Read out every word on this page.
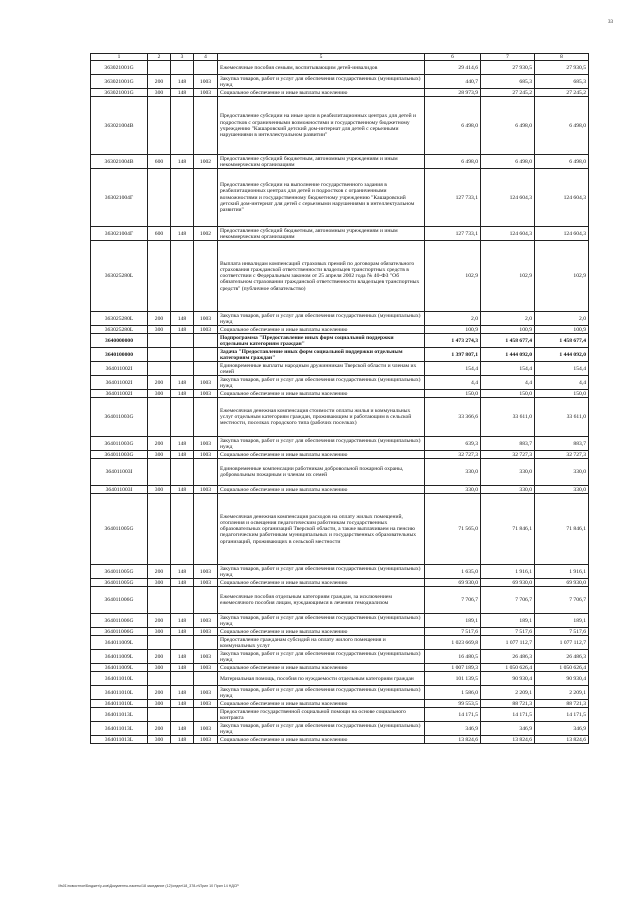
33
1	2	3	4	5	6	7	8
363021001G				Ежемесячные пособия семьям, воспитывающим детей-инвалидов	29 414,6	27 930,5	27 930,5
363021001G	200	148	1003	Закупка товаров, работ и услуг для обеспечения государственных (муниципальных) нужд	440,7	685,3	685,3
363021001G	300	148	1003	Социальное обеспечение и иные выплаты населению	28 973,9	27 245,2	27 245,2
363021004В				Предоставление субсидии на иные цели в реабилитационных центрах для детей и подростков с ограниченными возможностями и государственному бюджетному учреждению "Кашаровский детский дом-интернат для детей с серьезными нарушениями в интеллектуальном развитии"	6 498,0	6 498,0	6 498,0
363021004В	600	148	1002	Предоставление субсидий бюджетным, автономным учреждениям и иным некоммерческим организациям	6 498,0	6 498,0	6 498,0
363021004Г				Предоставление субсидии на выполнение государственного задания в реабилитационных центрах для детей и подростков с ограниченными возможностями и государственному бюджетному учреждению "Кашаровский детский дом-интернат для детей с серьезными нарушениями в интеллектуальном развитии"	127 733,1	124 604,3	124 604,3
363021004Г	600	148	1002	Предоставление субсидий бюджетным, автономным учреждениям и иным некоммерческим организациям	127 733,1	124 604,3	124 604,3
363025280L				Выплата инвалидам компенсаций страховых премий по договорам обязательного страхования гражданской ответственности владельцев транспортных средств в соответствии с Федеральным законом от 25 апреля 2002 года № 40-ФЗ "Об обязательном страховании гражданской ответственности владельцев транспортных средств" (публичное обязательство)	102,9	102,9	102,9
363025280L	200	148	1003	Закупка товаров, работ и услуг для обеспечения государственных (муниципальных) нужд	2,0	2,0	2,0
363025280L	300	148	1003	Социальное обеспечение и иные выплаты населению	100,9	100,9	100,9
3640000000				Подпрограмма "Предоставление иных форм социальной поддержки отдельным категориям граждан"	1 473 274,3	1 458 677,4	1 458 677,4
3640100000				Задача "Предоставление иных форм социальной поддержки отдельным категориям граждан"	1 397 807,1	1 444 092,0	1 444 092,0
364011002I				Единовременные выплаты народным дружинникам Тверской области и членам их семей	154,4	154,4	154,4
364011002I	200	148	1003	Закупка товаров, работ и услуг для обеспечения государственных (муниципальных) нужд	4,4	4,4	4,4
364011002I	300	148	1003	Социальное обеспечение и иные выплаты населению	150,0	150,0	150,0
364011003G				Ежемесячная денежная компенсация стоимости оплаты жилья и коммунальных услуг отдельным категориям граждан, проживающим и работающим в сельской местности, поселках городского типа (рабочих поселках)	33 366,6	33 611,0	33 611,0
364011003G	200	148	1003	Закупка товаров, работ и услуг для обеспечения государственных (муниципальных) нужд	639,3	883,7	883,7
364011003G	300	148	1003	Социальное обеспечение и иные выплаты населению	32 727,3	32 727,3	32 727,3
364011003I				Единовременные компенсации работникам добровольной пожарной охраны, добровольным пожарным и членам их семей	330,0	330,0	330,0
364011003I	300	148	1003	Социальное обеспечение и иные выплаты населению	330,0	330,0	330,0
364011005G				Ежемесячная денежная компенсация расходов на оплату жилых помещений, отопления и освещения педагогическим работникам государственных образовательных организаций Тверской области, а также выплачиваем на пенсию педагогическим работникам муниципальных и государственных образовательных организаций, проживающих в сельской местности	71 565,0	71 846,1	71 846,1
364011005G	200	148	1003	Закупка товаров, работ и услуг для обеспечения государственных (муниципальных) нужд	1 635,0	1 916,1	1 916,1
364011005G	300	148	1003	Социальное обеспечение и иные выплаты населению	69 930,0	69 930,0	69 930,0
364011006G				Ежемесячные пособия отдельным категориям граждан, за исключением ежемесячного пособия лицам, нуждающимся в лечении гемодиализом	7 706,7	7 706,7	7 706,7
364011006G	200	148	1003	Закупка товаров, работ и услуг для обеспечения государственных (муниципальных) нужд	189,1	189,1	189,1
364011006G	300	148	1003	Социальное обеспечение и иные выплаты населению	7 517,6	7 517,6	7 517,6
364011009L				Предоставление гражданам субсидий на оплату жилого помещения и коммунальных услуг	1 023 669,8	1 077 112,7	1 077 112,7
364011009L	200	148	1003	Закупка товаров, работ и услуг для обеспечения государственных (муниципальных) нужд	16 480,5	26 486,3	26 486,3
364011009L	300	148	1003	Социальное обеспечение и иные выплаты населению	1 007 189,3	1 050 626,4	1 050 626,4
364011010L				Материальная помощь, пособия по нуждаемости отдельным категориям граждан	101 139,5	90 930,4	90 930,4
364011010L	200	148	1003	Закупка товаров, работ и услуг для обеспечения государственных (муниципальных) нужд	1 586,0	2 209,1	2 209,1
364011010L	300	148	1003	Социальное обеспечение и иные выплаты населению	99 553,5	88 721,3	88 721,3
364011013L				Предоставление государственной социальной помощи на основе социального контракта	14 171,5	14 171,5	14 171,5
364011013L	200	148	1003	Закупка товаров, работ и услуг для обеспечения государственных (муниципальных) нужд	346,9	346,9	346,9
364011013L	300	148	1003	Социальное обеспечение и иные выплаты населению	13 824,6	13 824,6	13 824,6
\\fs01\новостное\Бюджет\у-ков\Документы-пакеты\18 заседание (12)\отдел\18_378-п\Прил 10 Прил 14 НДСР
